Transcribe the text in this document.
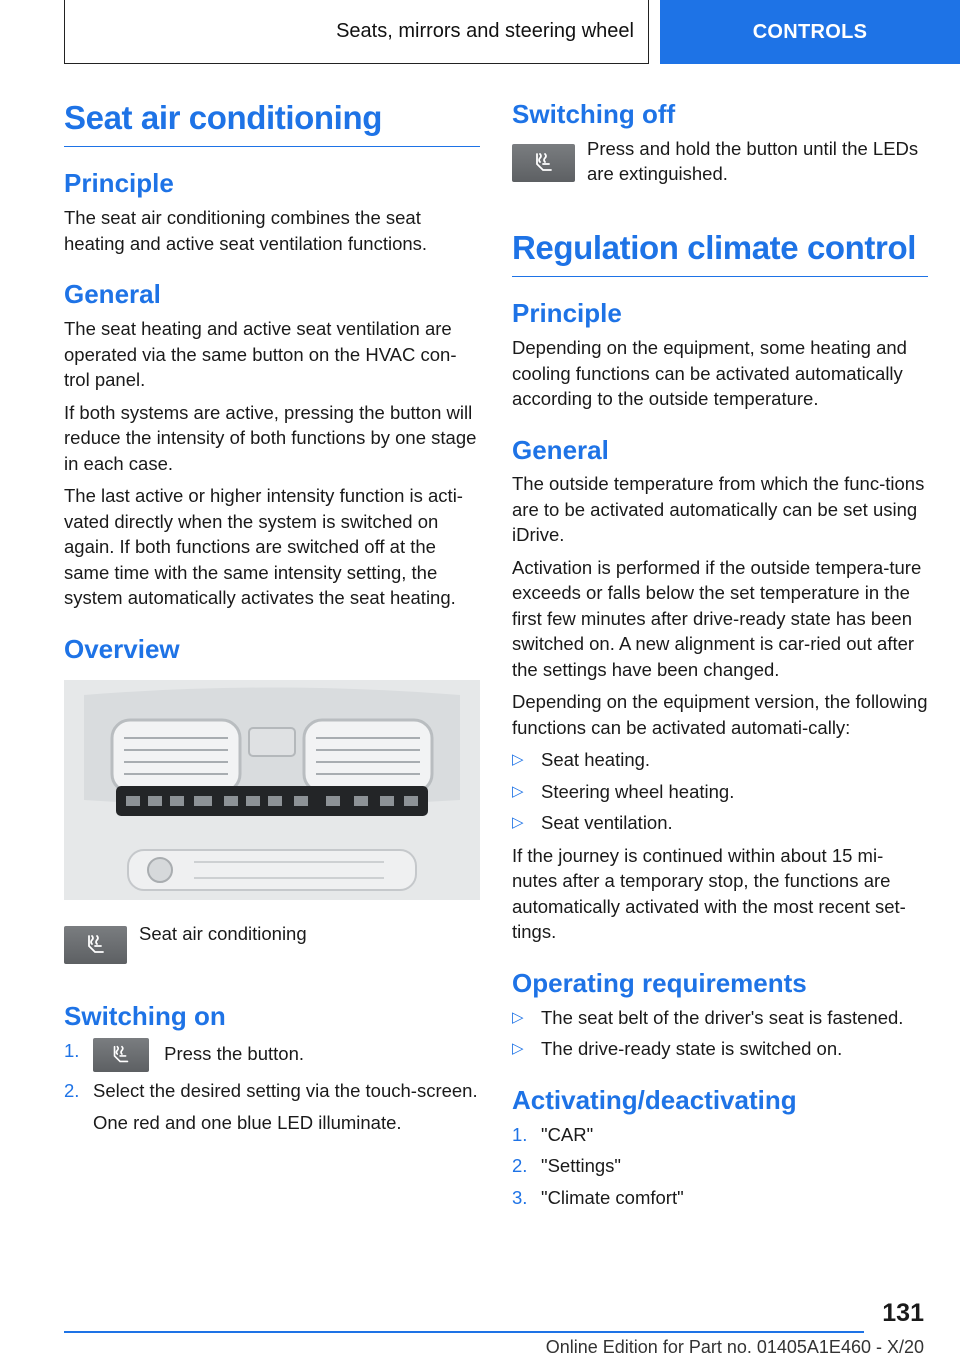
Seats, mirrors and steering wheel	CONTROLS
Seat air conditioning
Principle

The seat air conditioning combines the seat heating and active seat ventilation functions.

General

The seat heating and active seat ventilation are operated via the same button on the HVAC con-trol panel.

If both systems are active, pressing the button will reduce the intensity of both functions by one stage in each case.

The last active or higher intensity function is acti-vated directly when the system is switched on again. If both functions are switched off at the same time with the same intensity setting, the system automatically activates the seat heating.

Overview
Seat air conditioning
Switching on
1.	Press the button.
2. Select the desired setting via the touch-screen.
One red and one blue LED illuminate.
Switching off

Press and hold the button until the LEDs are extinguished.

Regulation climate control
Principle

Depending on the equipment, some heating and cooling functions can be activated automatically according to the outside temperature.

General

The outside temperature from which the func-tions are to be activated automatically can be set using iDrive.

Activation is performed if the outside tempera-ture exceeds or falls below the set temperature in the first few minutes after drive-ready state has been switched on. A new alignment is car-ried out after the settings have been changed.

Depending on the equipment version, the following functions can be activated automati-cally:

▷ Seat heating.
▷ Steering wheel heating.
▷ Seat ventilation.

If the journey is continued within about 15 mi-nutes after a temporary stop, the functions are automatically activated with the most recent set-tings.

Operating requirements
▷ The seat belt of the driver's seat is fastened.
▷ The drive-ready state is switched on.
Activating/deactivating
1. "CAR"
2. "Settings"
3. "Climate comfort"
131
Online Edition for Part no. 01405A1E460 - X/20
